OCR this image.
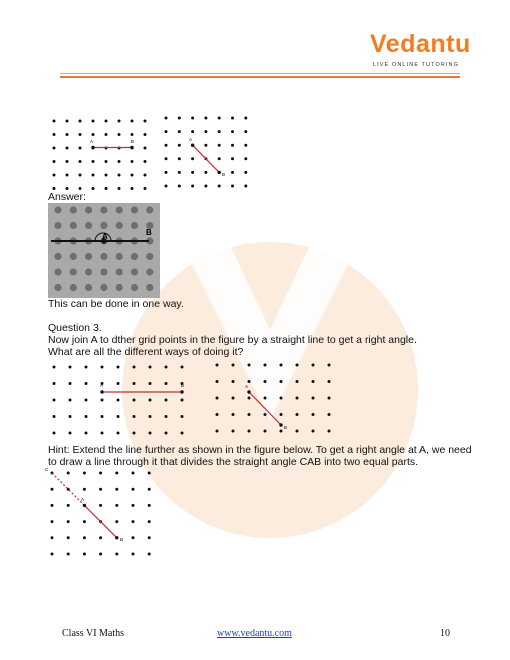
Vedantu
LIVE ONLINE TUTORING
A	B	A
B
Answer:
A	B
This can be done in one way.
Question 3.
Now join A to dther grid points in the figure by a straight line to get a right angle.
What are all the different ways of doing it?
A	B	A
B
Hint: Extend the line further as shown in the figure below. To get a right angle at A, we need
to draw a line through it that divides the straight angle CAB into two equal parts.
C
A
B
Class VI Maths	www.vedantu.com	10
